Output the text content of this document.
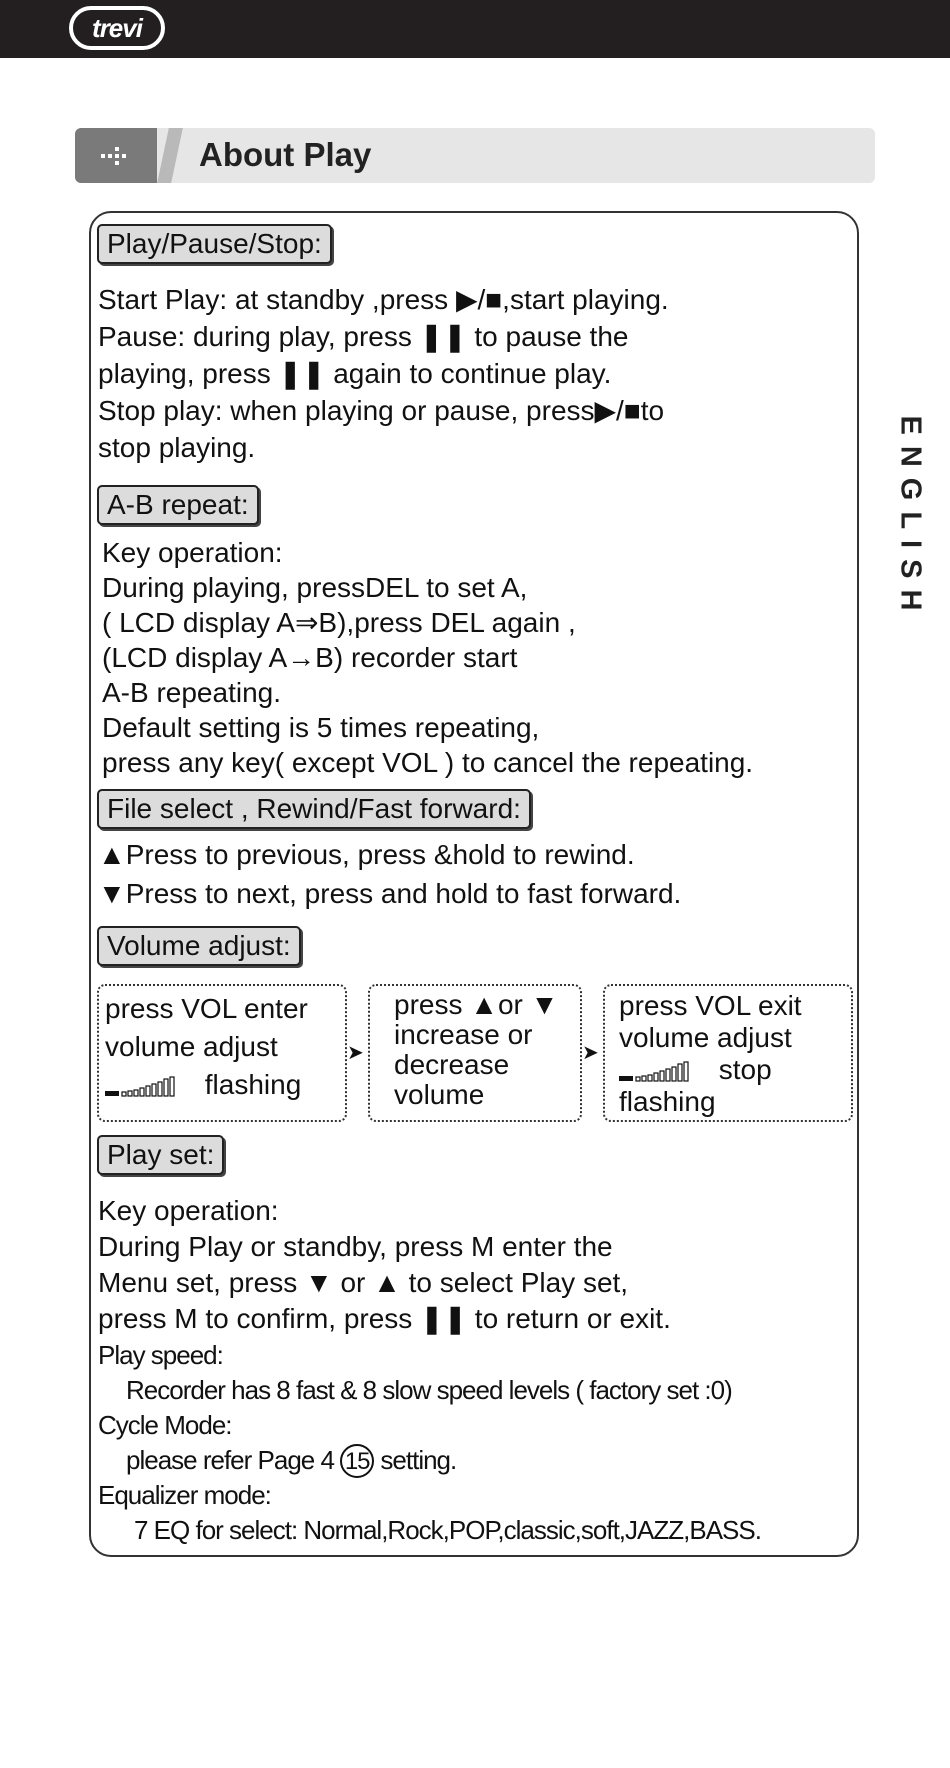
trevi
About Play
ENGLISH
Play/Pause/Stop:
Start Play: at standby ,press ▶/■,start playing.
Pause: during play, press ❚❚ to pause the
playing, press ❚❚ again to continue play.
Stop play: when playing or pause, press▶/■to
stop playing.
A-B repeat:
Key operation:
During playing, pressDEL to set A,
( LCD display A⇒B),press DEL again ,
(LCD display A→B) recorder start
A-B repeating.
Default setting is 5 times repeating,
press any key( except VOL ) to cancel the repeating.
File select , Rewind/Fast forward:
▲Press to previous, press &hold to rewind.
▼Press to next, press and hold to fast forward.
Volume adjust:
press VOL enter
volume adjust
flashing
➤
press ▲or ▼
increase or
decrease
volume
➤
press VOL exit
volume adjust
stop
flashing
Play set:
Key operation:
During Play or standby, press M enter the
Menu set, press ▼ or ▲ to select Play set,
press M to confirm, press ❚❚ to return or exit.
Play speed:
Recorder has 8 fast & 8 slow speed levels ( factory set :0)
Cycle Mode:
please refer Page 4 15 setting.
Equalizer mode:
7 EQ for select: Normal,Rock,POP,classic,soft,JAZZ,BASS.
